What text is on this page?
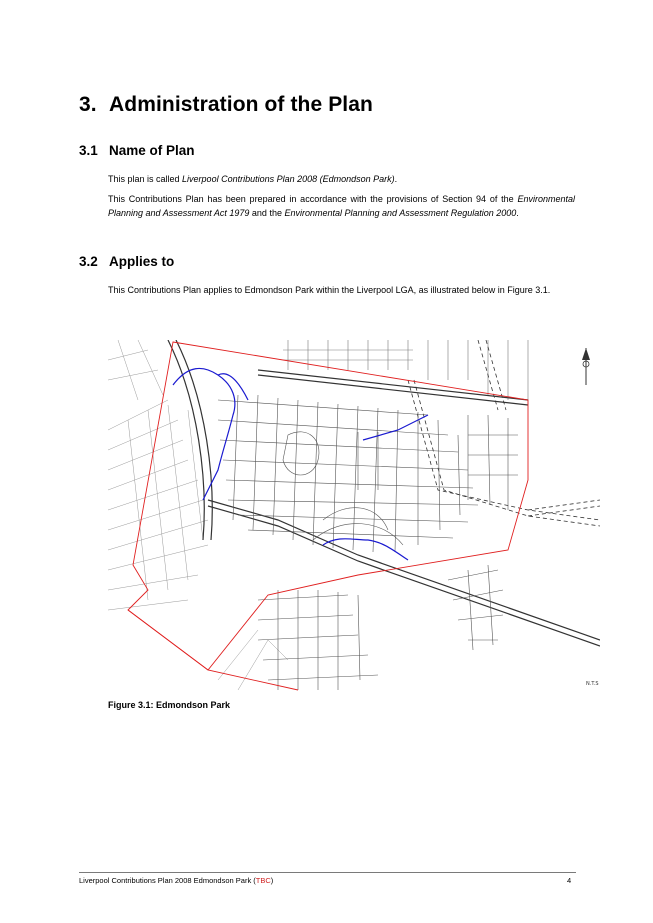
3. Administration of the Plan
3.1 Name of Plan
This plan is called Liverpool Contributions Plan 2008 (Edmondson Park).
This Contributions Plan has been prepared in accordance with the provisions of Section 94 of the Environmental Planning and Assessment Act 1979 and the Environmental Planning and Assessment Regulation 2000.
3.2 Applies to
This Contributions Plan applies to Edmondson Park within the Liverpool LGA, as illustrated below in Figure 3.1.
N.T.S
Figure 3.1: Edmondson Park
Liverpool Contributions Plan 2008 Edmondson Park (TBC)	4
